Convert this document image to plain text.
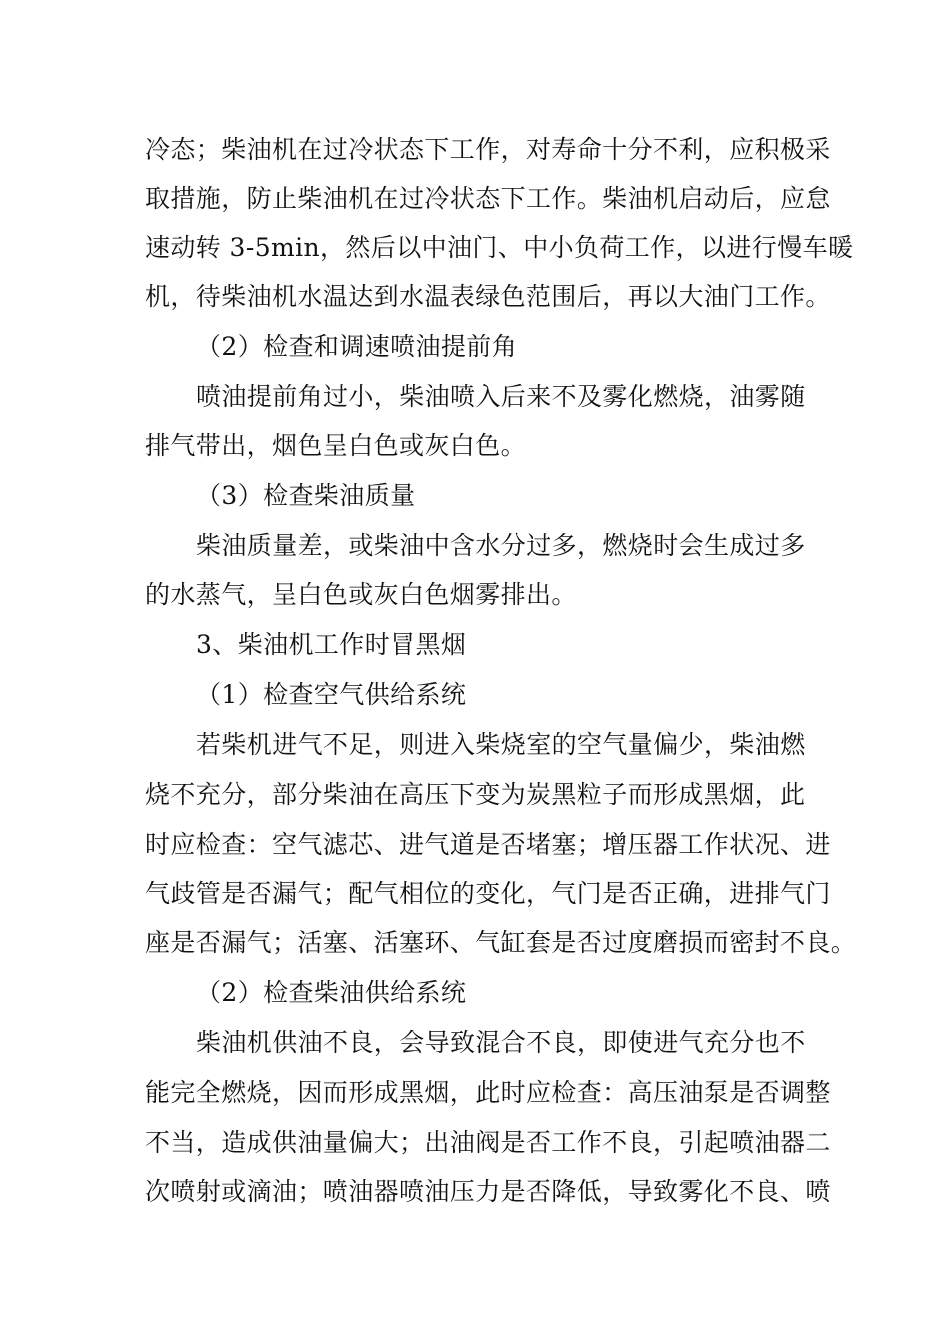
冷态；柴油机在过冷状态下工作，对寿命十分不利，应积极采
取措施，防止柴油机在过冷状态下工作。柴油机启动后，应怠
速动转 3-5min，然后以中油门、中小负荷工作，以进行慢车暖
机，待柴油机水温达到水温表绿色范围后，再以大油门工作。
（2）检查和调速喷油提前角
喷油提前角过小，柴油喷入后来不及雾化燃烧，油雾随
排气带出，烟色呈白色或灰白色。
（3）检查柴油质量
柴油质量差，或柴油中含水分过多，燃烧时会生成过多
的水蒸气，呈白色或灰白色烟雾排出。
3、柴油机工作时冒黑烟
（1）检查空气供给系统
若柴机进气不足，则进入柴烧室的空气量偏少，柴油燃
烧不充分，部分柴油在高压下变为炭黑粒子而形成黑烟，此
时应检查：空气滤芯、进气道是否堵塞；增压器工作状况、进
气歧管是否漏气；配气相位的变化，气门是否正确，进排气门
座是否漏气；活塞、活塞环、气缸套是否过度磨损而密封不良。
（2）检查柴油供给系统
柴油机供油不良，会导致混合不良，即使进气充分也不
能完全燃烧，因而形成黑烟，此时应检查：高压油泵是否调整
不当，造成供油量偏大；出油阀是否工作不良，引起喷油器二
次喷射或滴油；喷油器喷油压力是否降低，导致雾化不良、喷
